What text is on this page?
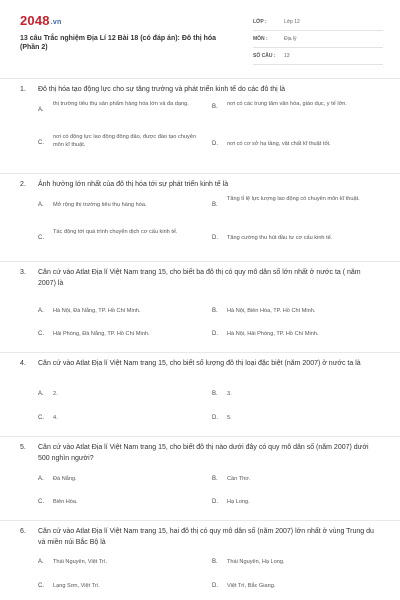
2048.vn
13 câu Trắc nghiệm Địa Lí 12 Bài 18 (có đáp án): Đô thị hóa (Phần 2)
LỚP :	Lớp 12
MÔN :	Địa lý
SỐ CÂU : 13
1. Đô thị hóa tạo động lực cho sự tăng trưởng và phát triển kinh tế do các đô thị là
A.
thị trường tiêu thụ sản phẩm hàng hóa lớn và đa dạng.	B. nơi có các trung tâm văn hóa, giáo dục, y tế lớn.
C.
nơi có động lực lao động đông đảo, được đào tạo chuyên môn kĩ thuật.	D. nơi có cơ sở hạ tầng, vật chất kĩ thuật tốt.
2. Ảnh hưởng lớn nhất của đô thị hóa tới sự phát triển kinh tế là
A. Mở rộng thị trường tiêu thụ hàng hóa.	B.
Tăng tỉ lệ lực lượng lao động có chuyên môn kĩ thuật.
C.
Tác động tới quá trình chuyển dịch cơ cấu kinh tế.
D. Tăng cường thu hút đầu tư cơ cấu kinh tế.
3. Căn cứ vào Atlat Địa lí Việt Nam trang 15, cho biết ba đô thị có quy mô dân số lớn nhất ở nước ta ( năm 2007) là
A. Hà Nội, Đà Nẵng, TP. Hồ Chí Minh.	B. Hà Nội, Biên Hòa, TP. Hồ Chí Minh.
C. Hải Phòng, Đà Nẵng, TP. Hồ Chí Minh.	D. Hà Nội, Hải Phòng, TP. Hồ Chí Minh.
4. Căn cứ vào Atlat Địa lí Việt Nam trang 15, cho biết số lượng đô thị loại đặc biệt (năm 2007) ở nước ta là
A. 2.	B. 3.
C. 4.	D. 5.
5. Căn cứ vào Atlat Địa lí Việt Nam trang 15, cho biết đô thị nào dưới đây có quy mô dân số (năm 2007) dưới 500 nghìn người?
A. Đà Nẵng.	B. Cần Thơ.
C. Biên Hòa.	D. Hạ Long.
6. Căn cứ vào Atlat Địa lí Việt Nam trang 15, hai đô thị có quy mô dân số (năm 2007) lớn nhất ở vùng Trung du và miền núi Bắc Bộ là
A. Thái Nguyên, Việt Trì.	B. Thái Nguyên, Hạ Long.
C. Lạng Sơn, Việt Trì.	D. Việt Trì, Bắc Giang.
